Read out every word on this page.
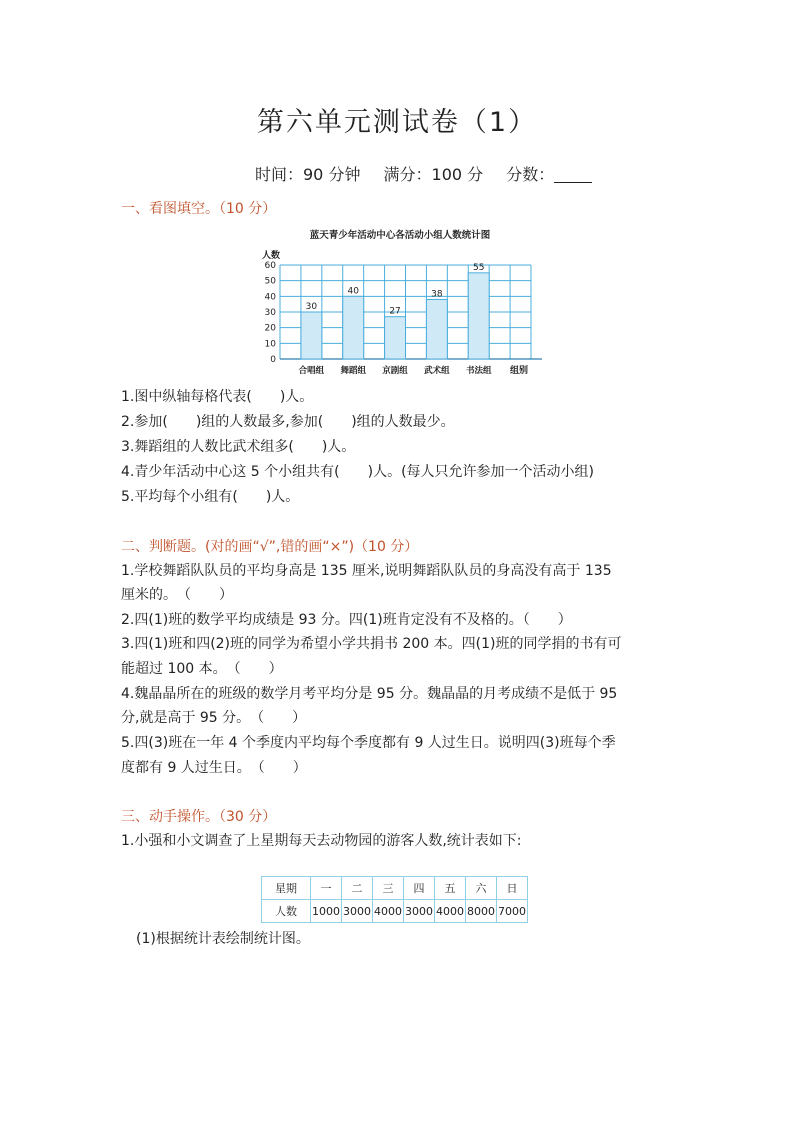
第六单元测试卷（1）
时间：90 分钟 满分：100 分 分数：
一、看图填空。（10 分）
蓝天青少年活动中心各活动小组人数统计图
人数
组别
0
10
20
30
40
50
60
合唱组 舞蹈组 京剧组 武术组 书法组
30
40
27
38
55
1.图中纵轴每格代表(　　)人。
2.参加(　　)组的人数最多,参加(　　)组的人数最少。
3.舞蹈组的人数比武术组多(　　)人。
4.青少年活动中心这 5 个小组共有(　　)人。(每人只允许参加一个活动小组)
5.平均每个小组有(　　)人。
二、判断题。(对的画“√”,错的画“×”)（10 分）
1.学校舞蹈队队员的平均身高是 135 厘米,说明舞蹈队队员的身高没有高于 135
厘米的。　（　　）
2.四(1)班的数学平均成绩是 93 分。四(1)班肯定没有不及格的。（　　）
3.四(1)班和四(2)班的同学为希望小学共捐书 200 本。四(1)班的同学捐的书有可
能超过 100 本。　（　　）
4.魏晶晶所在的班级的数学月考平均分是 95 分。魏晶晶的月考成绩不是低于 95
分,就是高于 95 分。　（　　）
5.四(3)班在一年 4 个季度内平均每个季度都有 9 人过生日。说明四(3)班每个季
度都有 9 人过生日。　（　　）
三、动手操作。（30 分）
1.小强和小文调查了上星期每天去动物园的游客人数,统计表如下:
星期	一	二	三	四	五	六	日
人数	1000	3000	4000	3000	4000	8000	7000
(1)根据统计表绘制统计图。
